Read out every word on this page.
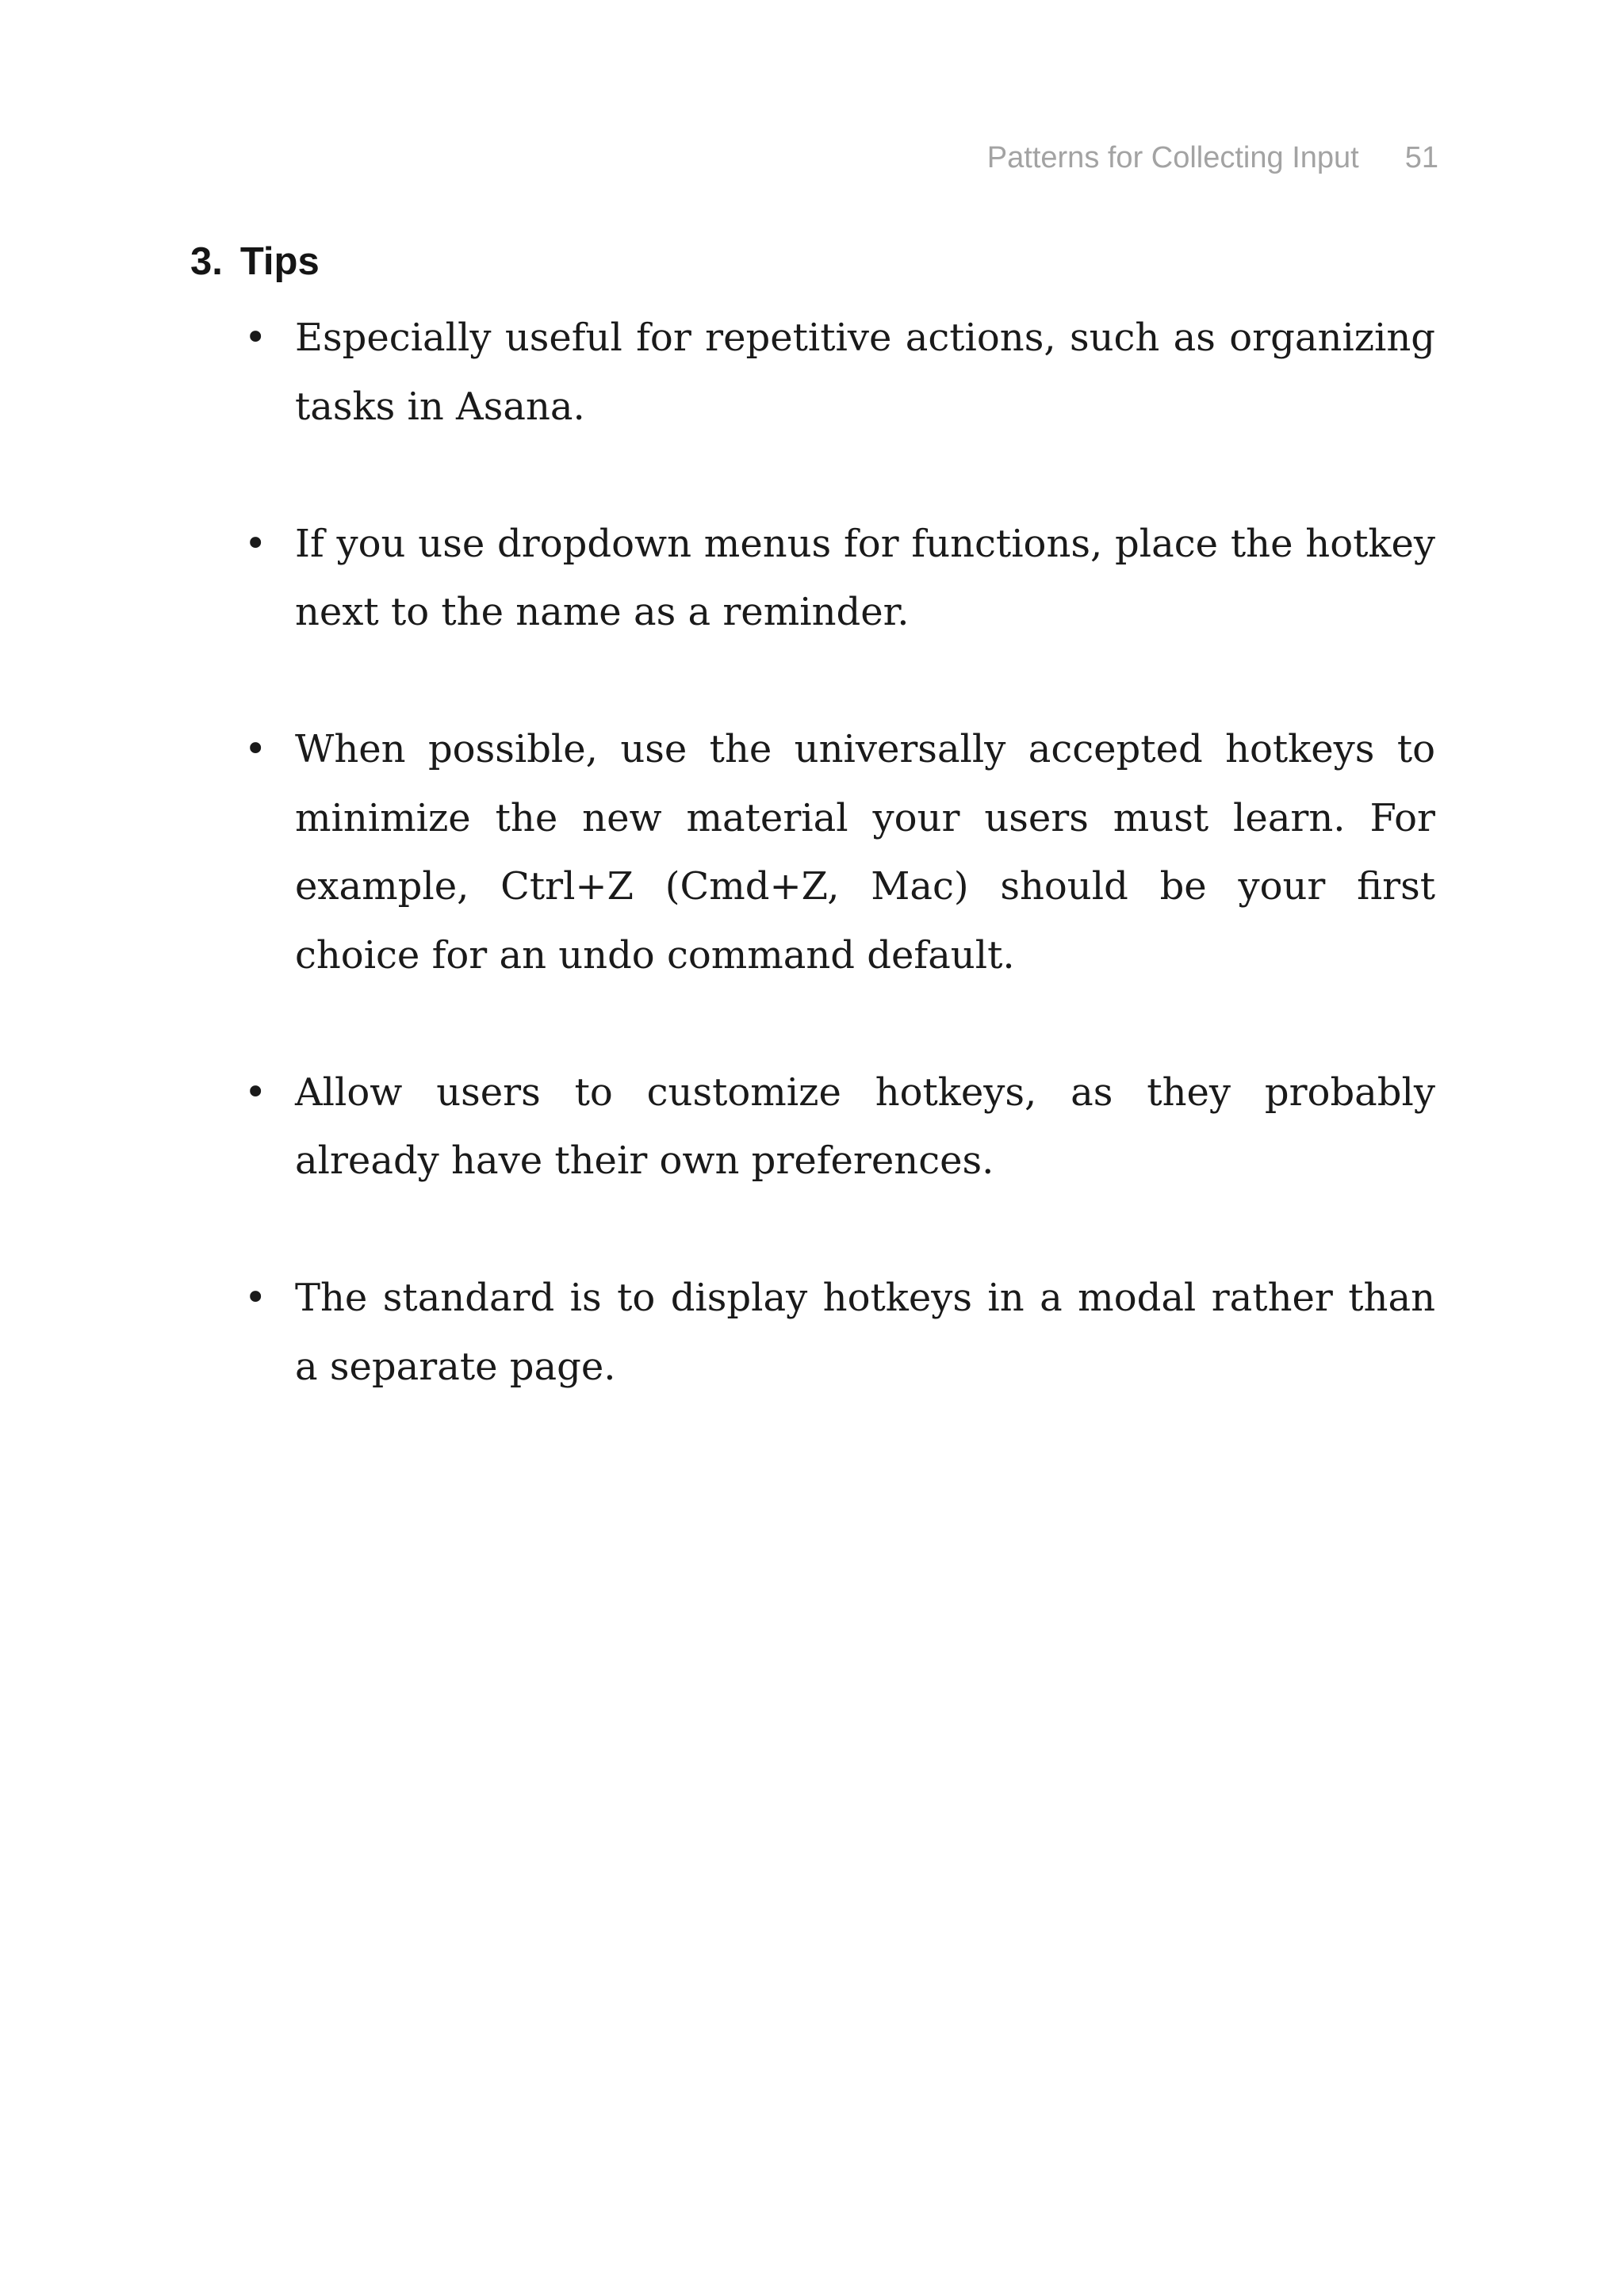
Patterns for Collecting Input 51
3. Tips
• Especially useful for repetitive actions, such as organizing tasks in Asana.
• If you use dropdown menus for functions, place the hotkey next to the name as a reminder.
• When possible, use the universally accepted hotkeys to minimize the new material your users must learn. For example, Ctrl+Z (Cmd+Z, Mac) should be your first choice for an undo command default.
• Allow users to customize hotkeys, as they probably already have their own preferences.
• The standard is to display hotkeys in a modal rather than a separate page.
